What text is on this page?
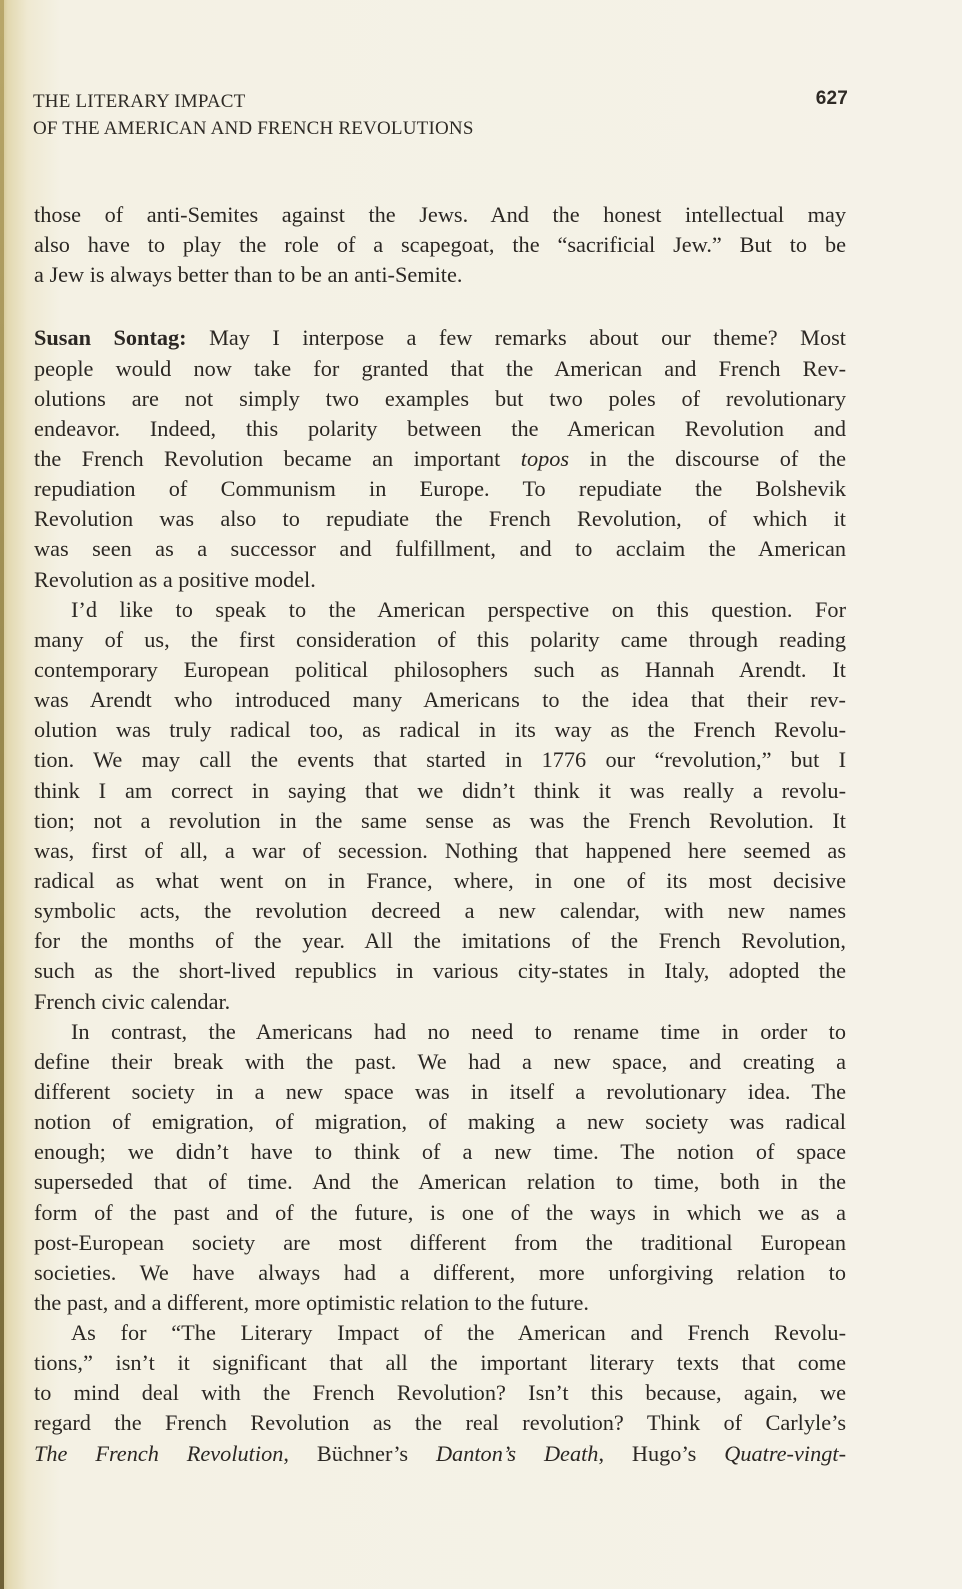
THE LITERARY IMPACT
OF THE AMERICAN AND FRENCH REVOLUTIONS
627
those of anti-Semites against the Jews. And the honest intellectual may
also have to play the role of a scapegoat, the “sacrificial Jew.” But to be
a Jew is always better than to be an anti-Semite.
Susan Sontag: May I interpose a few remarks about our theme? Most
people would now take for granted that the American and French Rev-
olutions are not simply two examples but two poles of revolutionary
endeavor. Indeed, this polarity between the American Revolution and
the French Revolution became an important topos in the discourse of the
repudiation of Communism in Europe. To repudiate the Bolshevik
Revolution was also to repudiate the French Revolution, of which it
was seen as a successor and fulfillment, and to acclaim the American
Revolution as a positive model.
I’d like to speak to the American perspective on this question. For
many of us, the first consideration of this polarity came through reading
contemporary European political philosophers such as Hannah Arendt. It
was Arendt who introduced many Americans to the idea that their rev-
olution was truly radical too, as radical in its way as the French Revolu-
tion. We may call the events that started in 1776 our “revolution,” but I
think I am correct in saying that we didn’t think it was really a revolu-
tion; not a revolution in the same sense as was the French Revolution. It
was, first of all, a war of secession. Nothing that happened here seemed as
radical as what went on in France, where, in one of its most decisive
symbolic acts, the revolution decreed a new calendar, with new names
for the months of the year. All the imitations of the French Revolution,
such as the short-lived republics in various city-states in Italy, adopted the
French civic calendar.
In contrast, the Americans had no need to rename time in order to
define their break with the past. We had a new space, and creating a
different society in a new space was in itself a revolutionary idea. The
notion of emigration, of migration, of making a new society was radical
enough; we didn’t have to think of a new time. The notion of space
superseded that of time. And the American relation to time, both in the
form of the past and of the future, is one of the ways in which we as a
post-European society are most different from the traditional European
societies. We have always had a different, more unforgiving relation to
the past, and a different, more optimistic relation to the future.
As for “The Literary Impact of the American and French Revolu-
tions,” isn’t it significant that all the important literary texts that come
to mind deal with the French Revolution? Isn’t this because, again, we
regard the French Revolution as the real revolution? Think of Carlyle’s
The French Revolution, Büchner’s Danton’s Death, Hugo’s Quatre-vingt-
